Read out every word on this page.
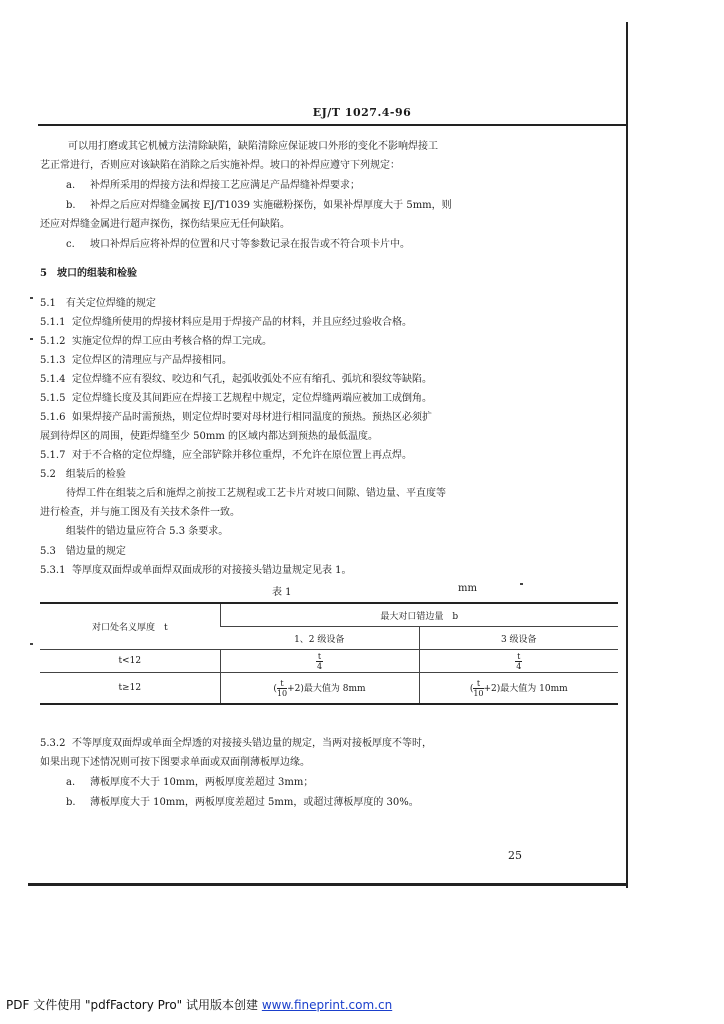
EJ/T 1027.4-96
可以用打磨或其它机械方法清除缺陷，缺陷清除应保证坡口外形的变化不影响焊接工
艺正常进行，否则应对该缺陷在消除之后实施补焊。坡口的补焊应遵守下列规定：
a. 补焊所采用的焊接方法和焊接工艺应满足产品焊缝补焊要求；
b. 补焊之后应对焊缝金属按 EJ/T1039 实施磁粉探伤，如果补焊厚度大于 5mm，则
还应对焊缝金属进行超声探伤，探伤结果应无任何缺陷。
c. 坡口补焊后应将补焊的位置和尺寸等参数记录在报告或不符合项卡片中。
5　坡口的组装和检验
5.1　有关定位焊缝的规定
5.1.1 定位焊缝所使用的焊接材料应是用于焊接产品的材料，并且应经过验收合格。
5.1.2 实施定位焊的焊工应由考核合格的焊工完成。
5.1.3 定位焊区的清理应与产品焊接相同。
5.1.4 定位焊缝不应有裂纹、咬边和气孔，起弧收弧处不应有缩孔、弧坑和裂纹等缺陷。
5.1.5 定位焊缝长度及其间距应在焊接工艺规程中规定，定位焊缝两端应被加工成倒角。
5.1.6 如果焊接产品时需预热，则定位焊时要对母材进行相同温度的预热。预热区必须扩
展到待焊区的周围，使距焊缝至少 50mm 的区域内都达到预热的最低温度。
5.1.7 对于不合格的定位焊缝，应全部铲除并移位重焊，不允许在原位置上再点焊。
5.2　组装后的检验
待焊工件在组装之后和施焊之前按工艺规程或工艺卡片对坡口间隙、错边量、平直度等
进行检查，并与施工图及有关技术条件一致。
组装件的错边量应符合 5.3 条要求。
5.3　错边量的规定
5.3.1 等厚度双面焊或单面焊双面成形的对接接头错边量规定见表 1。
表 1	mm
对口处名义厚度　t	最大对口错边量　b	
	1、2 级设备	3 级设备
t<12	$\frac{t}{4}$	$\frac{t}{4}$

t≥12	( $\frac{t}{10} +2$)最大值为 8mm	( $\frac{t}{10} +2$)最大值为 10mm
5.3.2 不等厚度双面焊或单面全焊透的对接接头错边量的规定，当两对接板厚度不等时，
如果出现下述情况则可按下图要求单面或双面削薄板厚边缘。
a. 薄板厚度不大于 10mm，两板厚度差超过 3mm；
b. 薄板厚度大于 10mm，两板厚度差超过 5mm，或超过薄板厚度的 30%。
25
PDF 文件使用 "pdfFactory Pro" 试用版本创建 www.fineprint.com.cn
